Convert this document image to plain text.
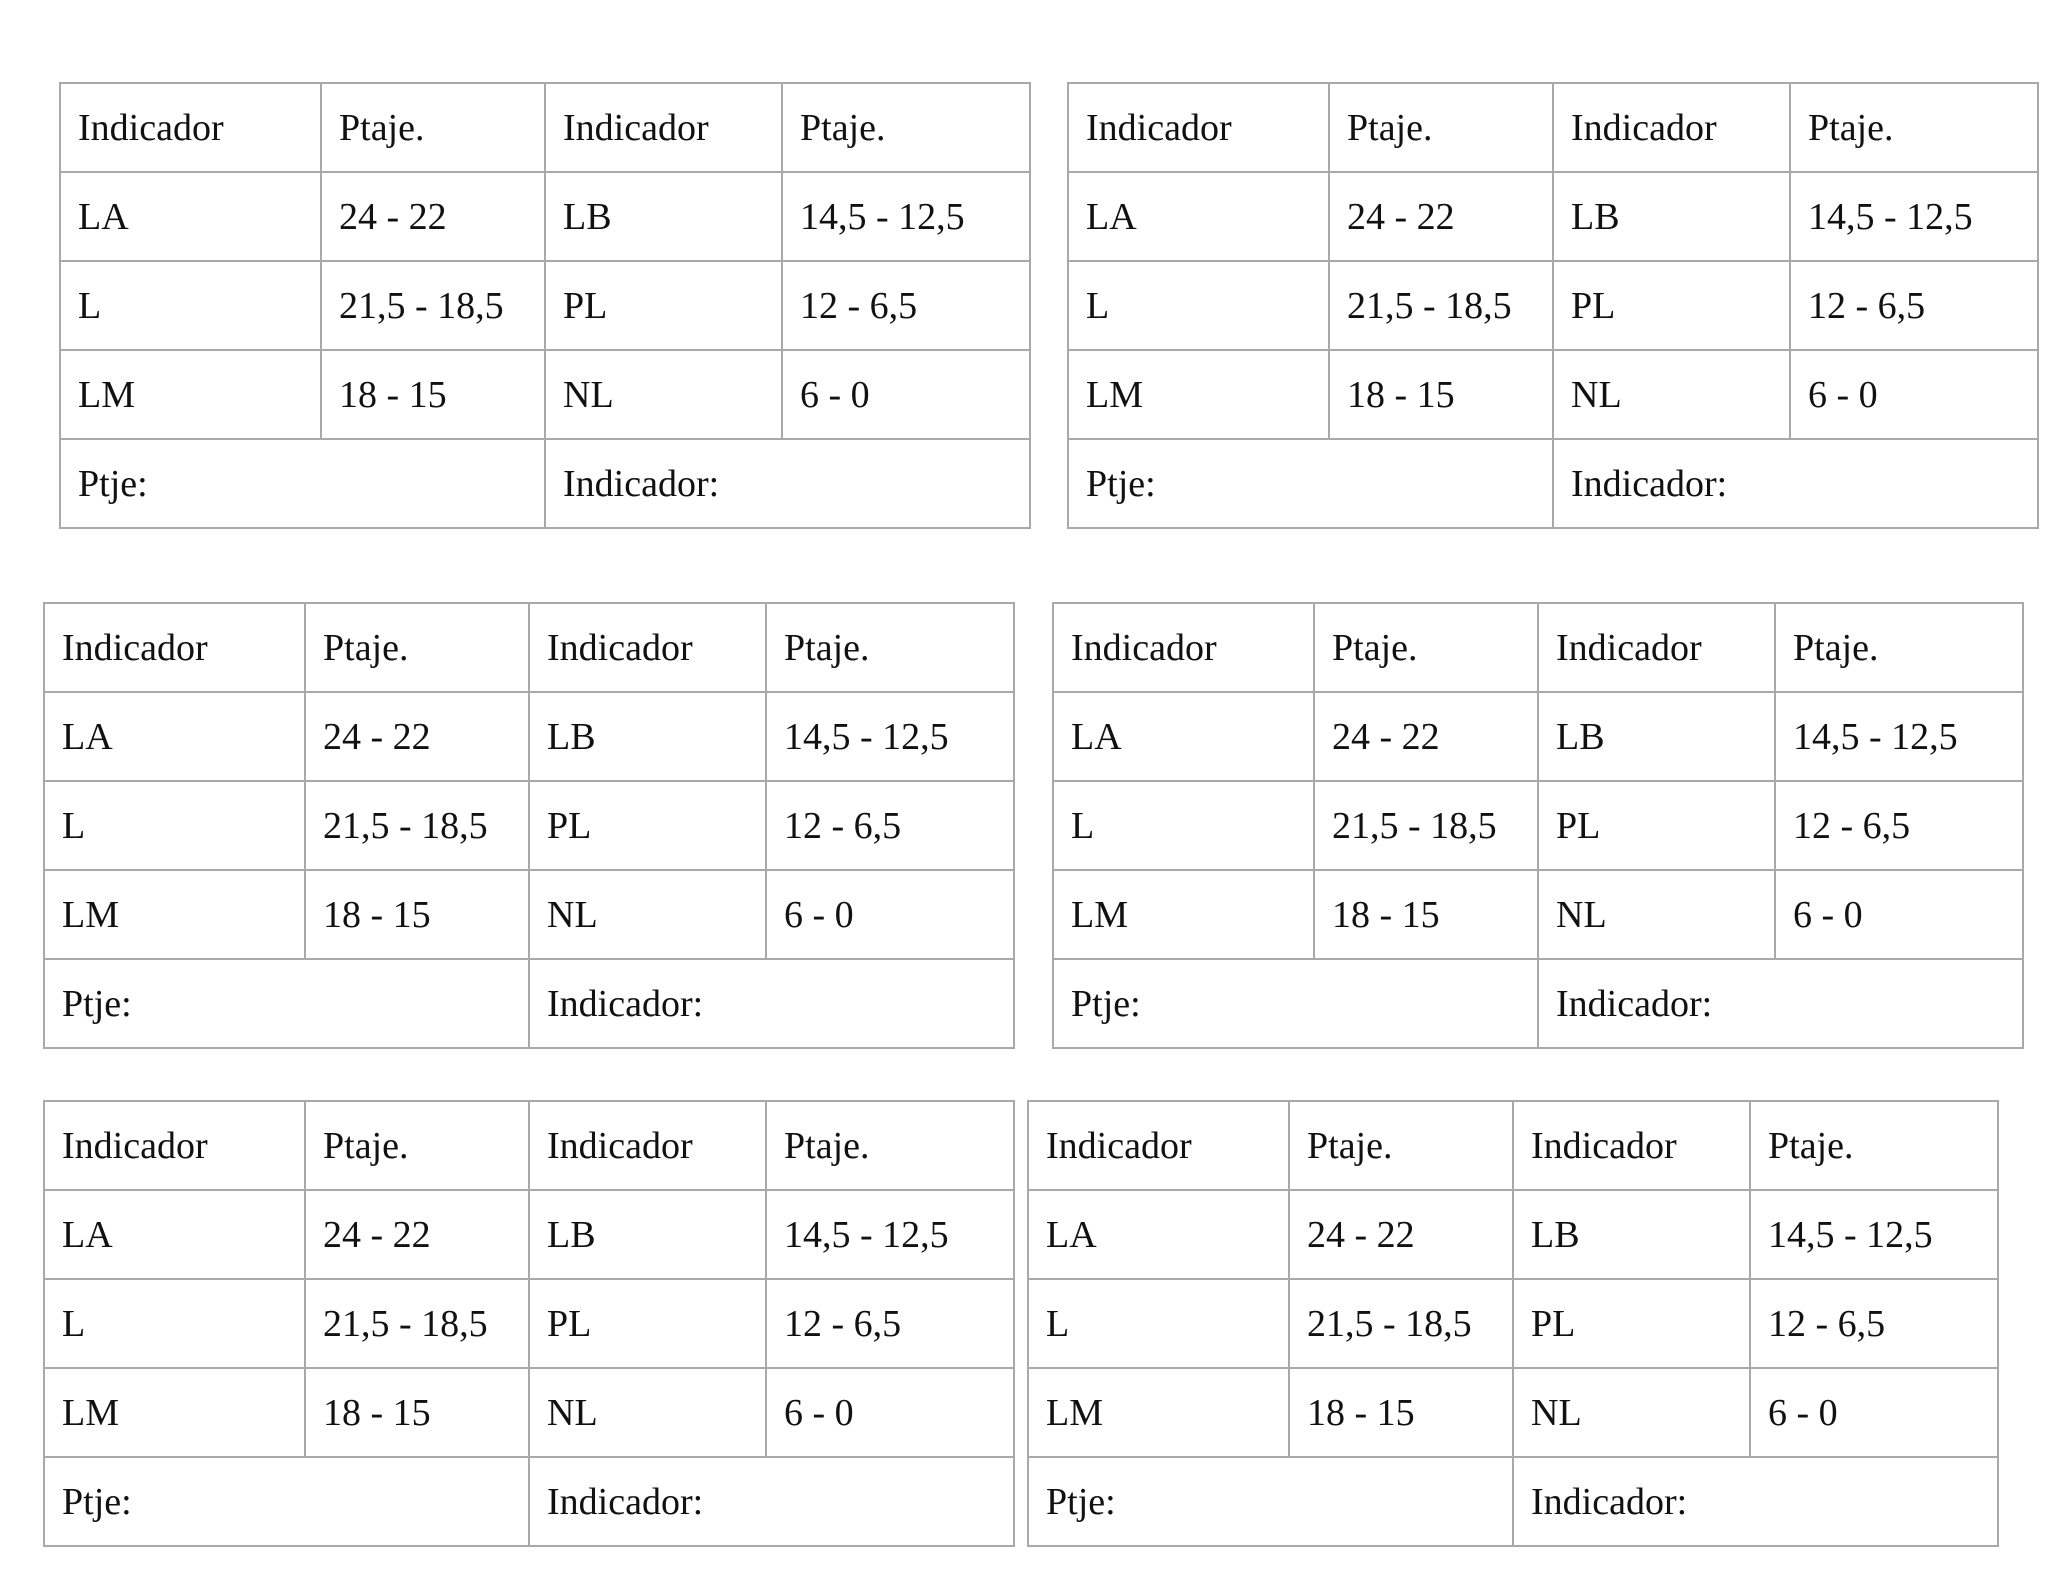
Indicador	Ptaje.	Indicador	Ptaje.
LA	24 - 22	LB	14,5 - 12,5
L	21,5 - 18,5	PL	12 - 6,5
LM	18 - 15	NL	6 - 0
Ptje:		Indicador:	
Indicador	Ptaje.	Indicador	Ptaje.
LA	24 - 22	LB	14,5 - 12,5
L	21,5 - 18,5	PL	12 - 6,5
LM	18 - 15	NL	6 - 0
Ptje:		Indicador:	
Indicador	Ptaje.	Indicador	Ptaje.
LA	24 - 22	LB	14,5 - 12,5
L	21,5 - 18,5	PL	12 - 6,5
LM	18 - 15	NL	6 - 0
Ptje:		Indicador:	
Indicador	Ptaje.	Indicador	Ptaje.
LA	24 - 22	LB	14,5 - 12,5
L	21,5 - 18,5	PL	12 - 6,5
LM	18 - 15	NL	6 - 0
Ptje:		Indicador:	
Indicador	Ptaje.	Indicador	Ptaje.
LA	24 - 22	LB	14,5 - 12,5
L	21,5 - 18,5	PL	12 - 6,5
LM	18 - 15	NL	6 - 0
Ptje:		Indicador:	
Indicador	Ptaje.	Indicador	Ptaje.
LA	24 - 22	LB	14,5 - 12,5
L	21,5 - 18,5	PL	12 - 6,5
LM	18 - 15	NL	6 - 0
Ptje:		Indicador:	
